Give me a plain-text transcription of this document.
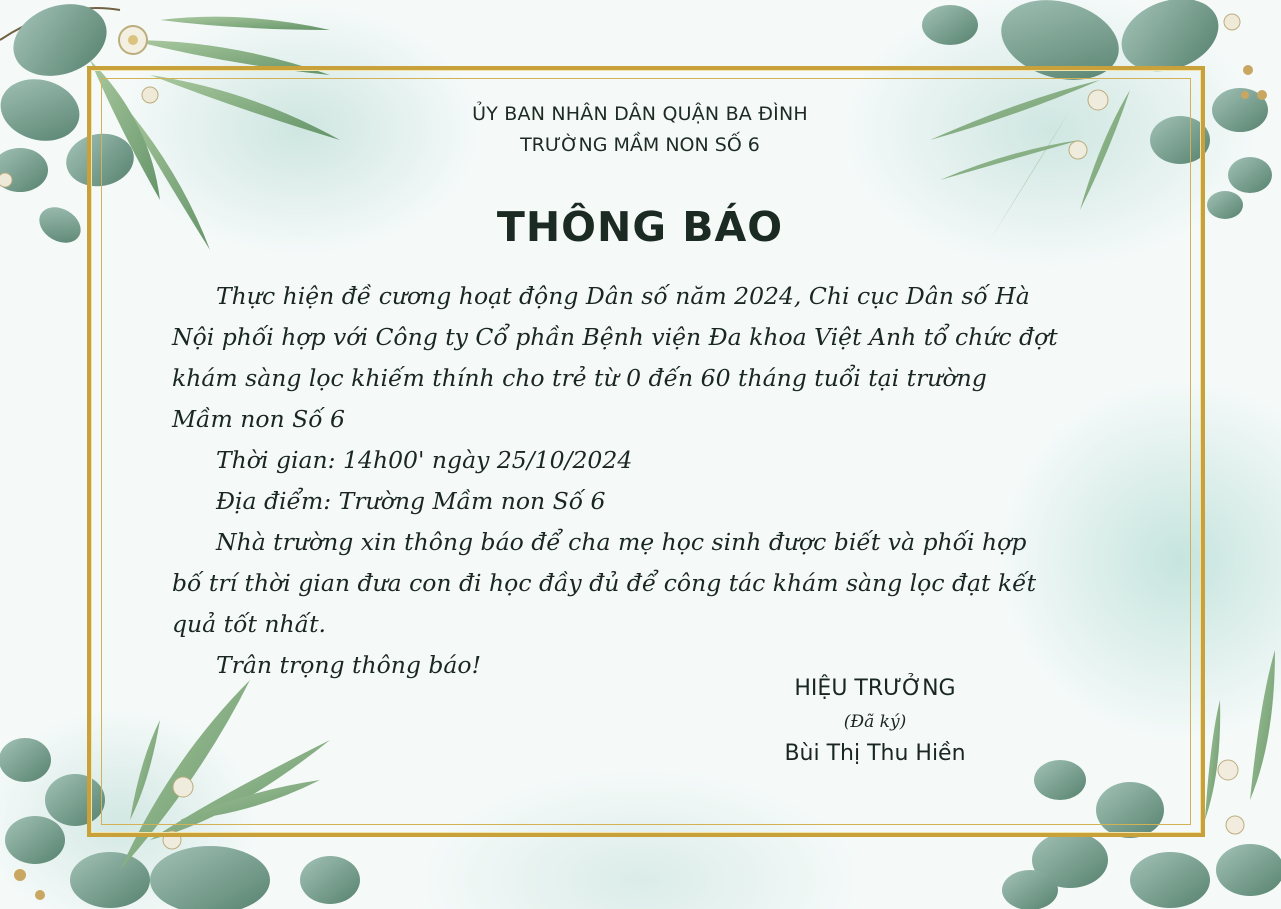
ỦY BAN NHÂN DÂN QUẬN BA ĐÌNH
TRƯỜNG MẦM NON SỐ 6
THÔNG BÁO
Thực hiện đề cương hoạt động Dân số năm 2024, Chi cục Dân số Hà
Nội phối hợp với Công ty Cổ phần Bệnh viện Đa khoa Việt Anh tổ chức đợt
khám sàng lọc khiếm thính cho trẻ từ 0 đến 60 tháng tuổi tại trường
Mầm non Số 6
Thời gian: 14h00' ngày 25/10/2024
Địa điểm: Trường Mầm non Số 6
Nhà trường xin thông báo để cha mẹ học sinh được biết và phối hợp
bố trí thời gian đưa con đi học đầy đủ để công tác khám sàng lọc đạt kết
quả tốt nhất.
Trân trọng thông báo!
HIỆU TRƯỞNG
(Đã ký)
Bùi Thị Thu Hiền
